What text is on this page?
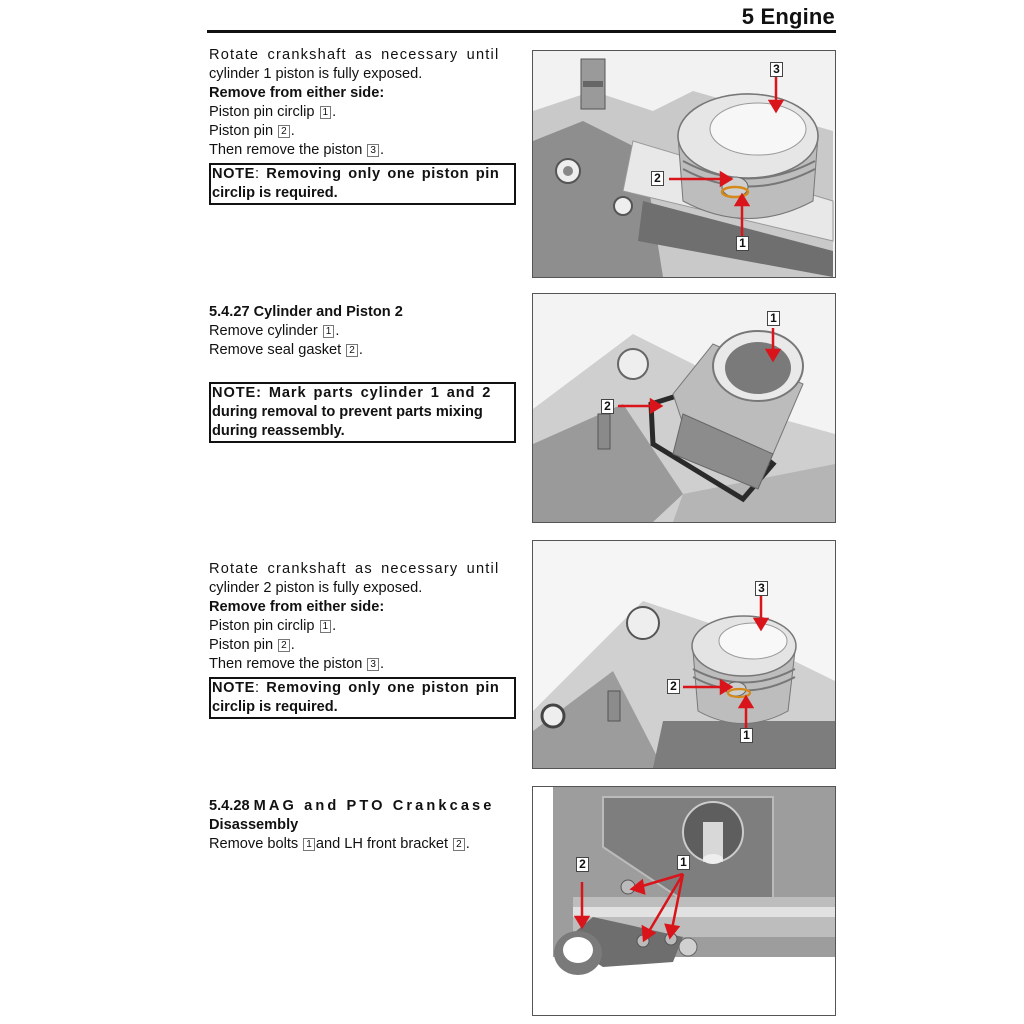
5 Engine
Rotate crankshaft as necessary until
cylinder 1 piston is fully exposed.
Remove from either side:
Piston pin circlip 1 .
Piston pin 2 .
Then remove the piston 3 .
NOTE: Removing only one piston pin
circlip is required.
3
2
1
5.4.27 Cylinder and Piston 2
Remove cylinder 1 .
Remove seal gasket 2 .
NOTE: Mark parts cylinder 1 and 2
during removal to prevent parts mixing
during reassembly.
1
2
Rotate crankshaft as necessary until
cylinder 2 piston is fully exposed.
Remove from either side:
Piston pin circlip 1 .
Piston pin 2 .
Then remove the piston 3 .
NOTE: Removing only one piston pin
circlip is required.
3
2
1
5.4.28 MAG and PTO Crankcase
Disassembly
Remove bolts 1 and LH front bracket 2 .
2	1
